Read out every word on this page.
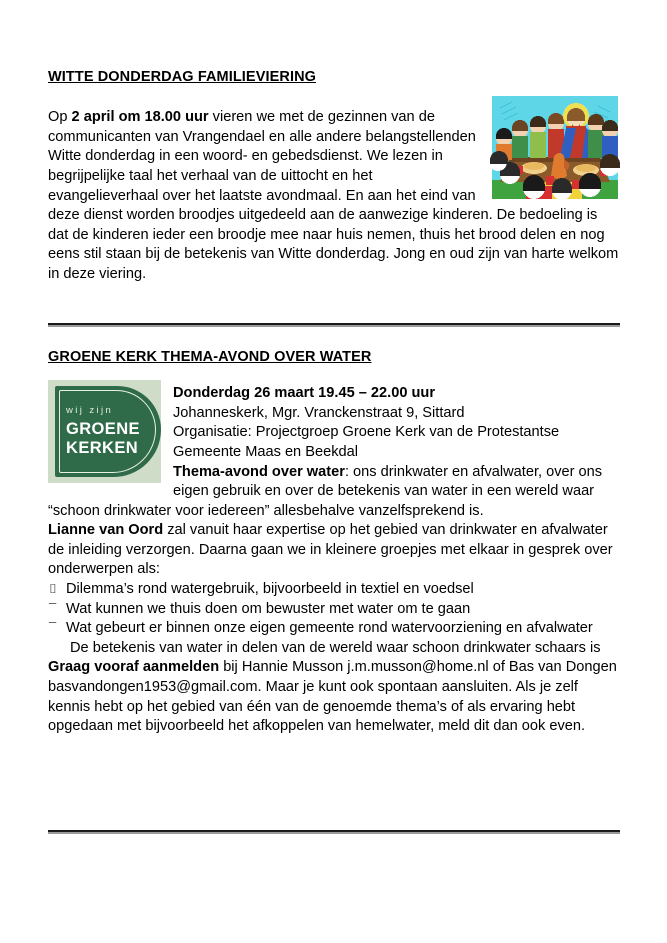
WITTE DONDERDAG FAMILIEVIERING

Op 2 april om 18.00 uur vieren we met de gezinnen van de communicanten van Vrangendael en alle andere belangstellenden Witte donderdag in een woord- en gebedsdienst. We lezen in begrijpelijke taal het verhaal van de uittocht en het evangelieverhaal over het laatste avondmaal. En aan het eind van deze dienst worden broodjes uitgedeeld aan de aanwezige kinderen. De bedoeling is dat de kinderen ieder een broodje mee naar huis nemen, thuis het brood delen en nog eens stil staan bij de betekenis van Witte donderdag. Jong en oud zijn van harte welkom in deze viering.

GROENE KERK THEMA-AVOND OVER WATER
wij zijn
GROENE
KERKEN

Donderdag 26 maart 19.45 – 22.00 uur
Johanneskerk, Mgr. Vranckenstraat 9, Sittard
Organisatie: Projectgroep Groene Kerk van de Protestantse Gemeente Maas en Beekdal
Thema-avond over water: ons drinkwater en afvalwater, over ons eigen gebruik en over de betekenis van water in een wereld waar “schoon drinkwater voor iedereen” allesbehalve vanzelfsprekend is.
Lianne van Oord zal vanuit haar expertise op het gebied van drinkwater en afvalwater de inleiding verzorgen. Daarna gaan we in kleinere groepjes met elkaar in gesprek over onderwerpen als:

⌷ Dilemma’s rond watergebruik, bijvoorbeeld in textiel en voedsel
¯ Wat kunnen we thuis doen om bewuster met water om te gaan
¯ Wat gebeurt er binnen onze eigen gemeente rond watervoorziening en afvalwater

De betekenis van water in delen van de wereld waar schoon drinkwater schaars is

Graag vooraf aanmelden bij Hannie Musson j.m.musson@home.nl of Bas van Dongen basvandongen1953@gmail.com. Maar je kunt ook spontaan aansluiten. Als je zelf kennis hebt op het gebied van één van de genoemde thema’s of als ervaring hebt opgedaan met bijvoorbeeld het afkoppelen van hemelwater, meld dit dan ook even.
